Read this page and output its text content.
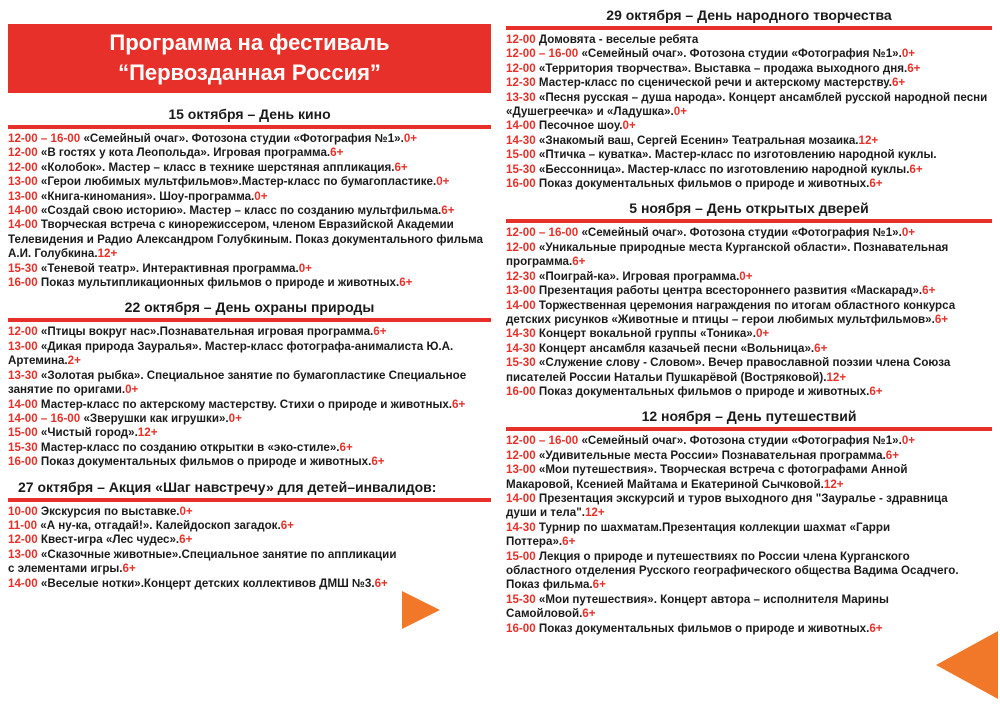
Программа на фестиваль
“Первозданная Россия”
15 октября – День кино
12-00 – 16-00 «Семейный очаг». Фотозона студии «Фотография №1».0+
12-00 «В гостях у кота Леопольда». Игровая программа.6+
12-00 «Колобок». Мастер – класс в технике шерстяная аппликация.6+
13-00 «Герои любимых мультфильмов».Мастер-класс по бумагопластике.0+
13-00 «Книга-киномания». Шоу-программа.0+
14-00 «Создай свою историю». Мастер – класс по созданию мультфильма.6+
14-00 Творческая встреча с кинорежиссером, членом Евразийской Академии Телевидения и Радио Александром Голубкиным. Показ документального фильма А.И. Голубкина.12+
15-30 «Теневой театр». Интерактивная программа.0+
16-00 Показ мультипликационных фильмов о природе и животных.6+
22 октября – День охраны природы
12-00 «Птицы вокруг нас».Познавательная игровая программа.6+
13-00 «Дикая природа Зауралья». Мастер-класс фотографа-анималиста Ю.А. Артемина.2+
13-30 «Золотая рыбка». Специальное занятие по бумагопластике Специальное занятие по оригами.0+
14-00 Мастер-класс по актерскому мастерству. Стихи о природе и животных.6+
14-00 – 16-00 «Зверушки как игрушки».0+
15-00 «Чистый город».12+
15-30 Мастер-класс по созданию открытки в «эко-стиле».6+
16-00 Показ документальных фильмов о природе и животных.6+
27 октября – Акция «Шаг навстречу» для детей–инвалидов:
10-00 Экскурсия по выставке.0+
11-00 «А ну-ка, отгадай!». Калейдоскоп загадок.6+
12-00 Квест-игра «Лес чудес».6+
13-00 «Сказочные животные».Специальное занятие по аппликации с элементами игры.6+
14-00 «Веселые нотки».Концерт детских коллективов ДМШ №3.6+
29 октября – День народного творчества
12-00 Домовята - веселые ребята
12-00 – 16-00 «Семейный очаг». Фотозона студии «Фотография №1».0+
12-00 «Территория творчества». Выставка – продажа выходного дня.6+
12-30 Мастер-класс по сценической речи и актерскому мастерству.6+
13-30 «Песня русская – душа народа». Концерт ансамблей русской народной песни «Душегреечка» и «Ладушка».0+
14-00 Песочное шоу.0+
14-30 «Знакомый ваш, Сергей Есенин» Театральная мозаика.12+
15-00 «Птичка – куватка». Мастер-класс по изготовлению народной куклы.
15-30 «Бессонница». Мастер-класс по изготовлению народной куклы.6+
16-00 Показ документальных фильмов о природе и животных.6+
5 ноября – День открытых дверей
12-00 – 16-00 «Семейный очаг». Фотозона студии «Фотография №1».0+
12-00 «Уникальные природные места Курганской области». Познавательная программа.6+
12-30 «Поиграй-ка». Игровая программа.0+
13-00 Презентация работы центра всестороннего развития «Маскарад».6+
14-00 Торжественная церемония награждения по итогам областного конкурса детских рисунков «Животные и птицы – герои любимых мультфильмов».6+
14-30 Концерт вокальной группы «Тоника».0+
14-30 Концерт ансамбля казачьей песни «Вольница».6+
15-30 «Служение слову - Словом». Вечер православной поэзии члена Союза писателей России Натальи Пушкарёвой (Востряковой).12+
16-00 Показ документальных фильмов о природе и животных.6+
12 ноября – День путешествий
12-00 – 16-00 «Семейный очаг». Фотозона студии «Фотография №1».0+
12-00 «Удивительные места России» Познавательная программа.6+
13-00 «Мои путешествия». Творческая встреча с фотографами Анной Макаровой, Ксенией Майтама и Екатериной Сычковой.12+
14-00 Презентация экскурсий и туров выходного дня "Зауралье - здравница души и тела".12+
14-30 Турнир по шахматам.Презентация коллекции шахмат «Гарри Поттера».6+
15-00 Лекция о природе и путешествиях по России члена Курганского областного отделения Русского географического общества Вадима Осадчего. Показ фильма.6+
15-30 «Мои путешествия». Концерт автора – исполнителя Марины Самойловой.6+
16-00 Показ документальных фильмов о природе и животных.6+
